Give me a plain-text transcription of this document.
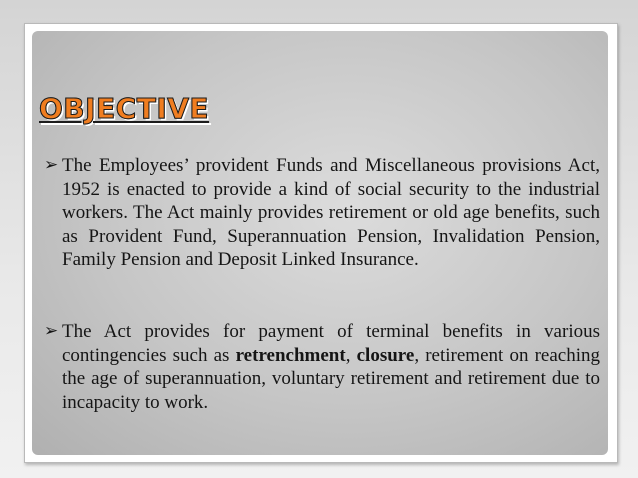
OBJECTIVE
➢ The Employees’ provident Funds and Miscellaneous provisions Act, 1952 is enacted to provide a kind of social security to the industrial workers. The Act mainly provides retirement or old age benefits, such as Provident Fund, Superannuation Pension, Invalidation Pension, Family Pension and Deposit Linked Insurance.

➢ The Act provides for payment of terminal benefits in various contingencies such as retrenchment, closure, retirement on reaching the age of superannuation, voluntary retirement and retirement due to incapacity to work.
